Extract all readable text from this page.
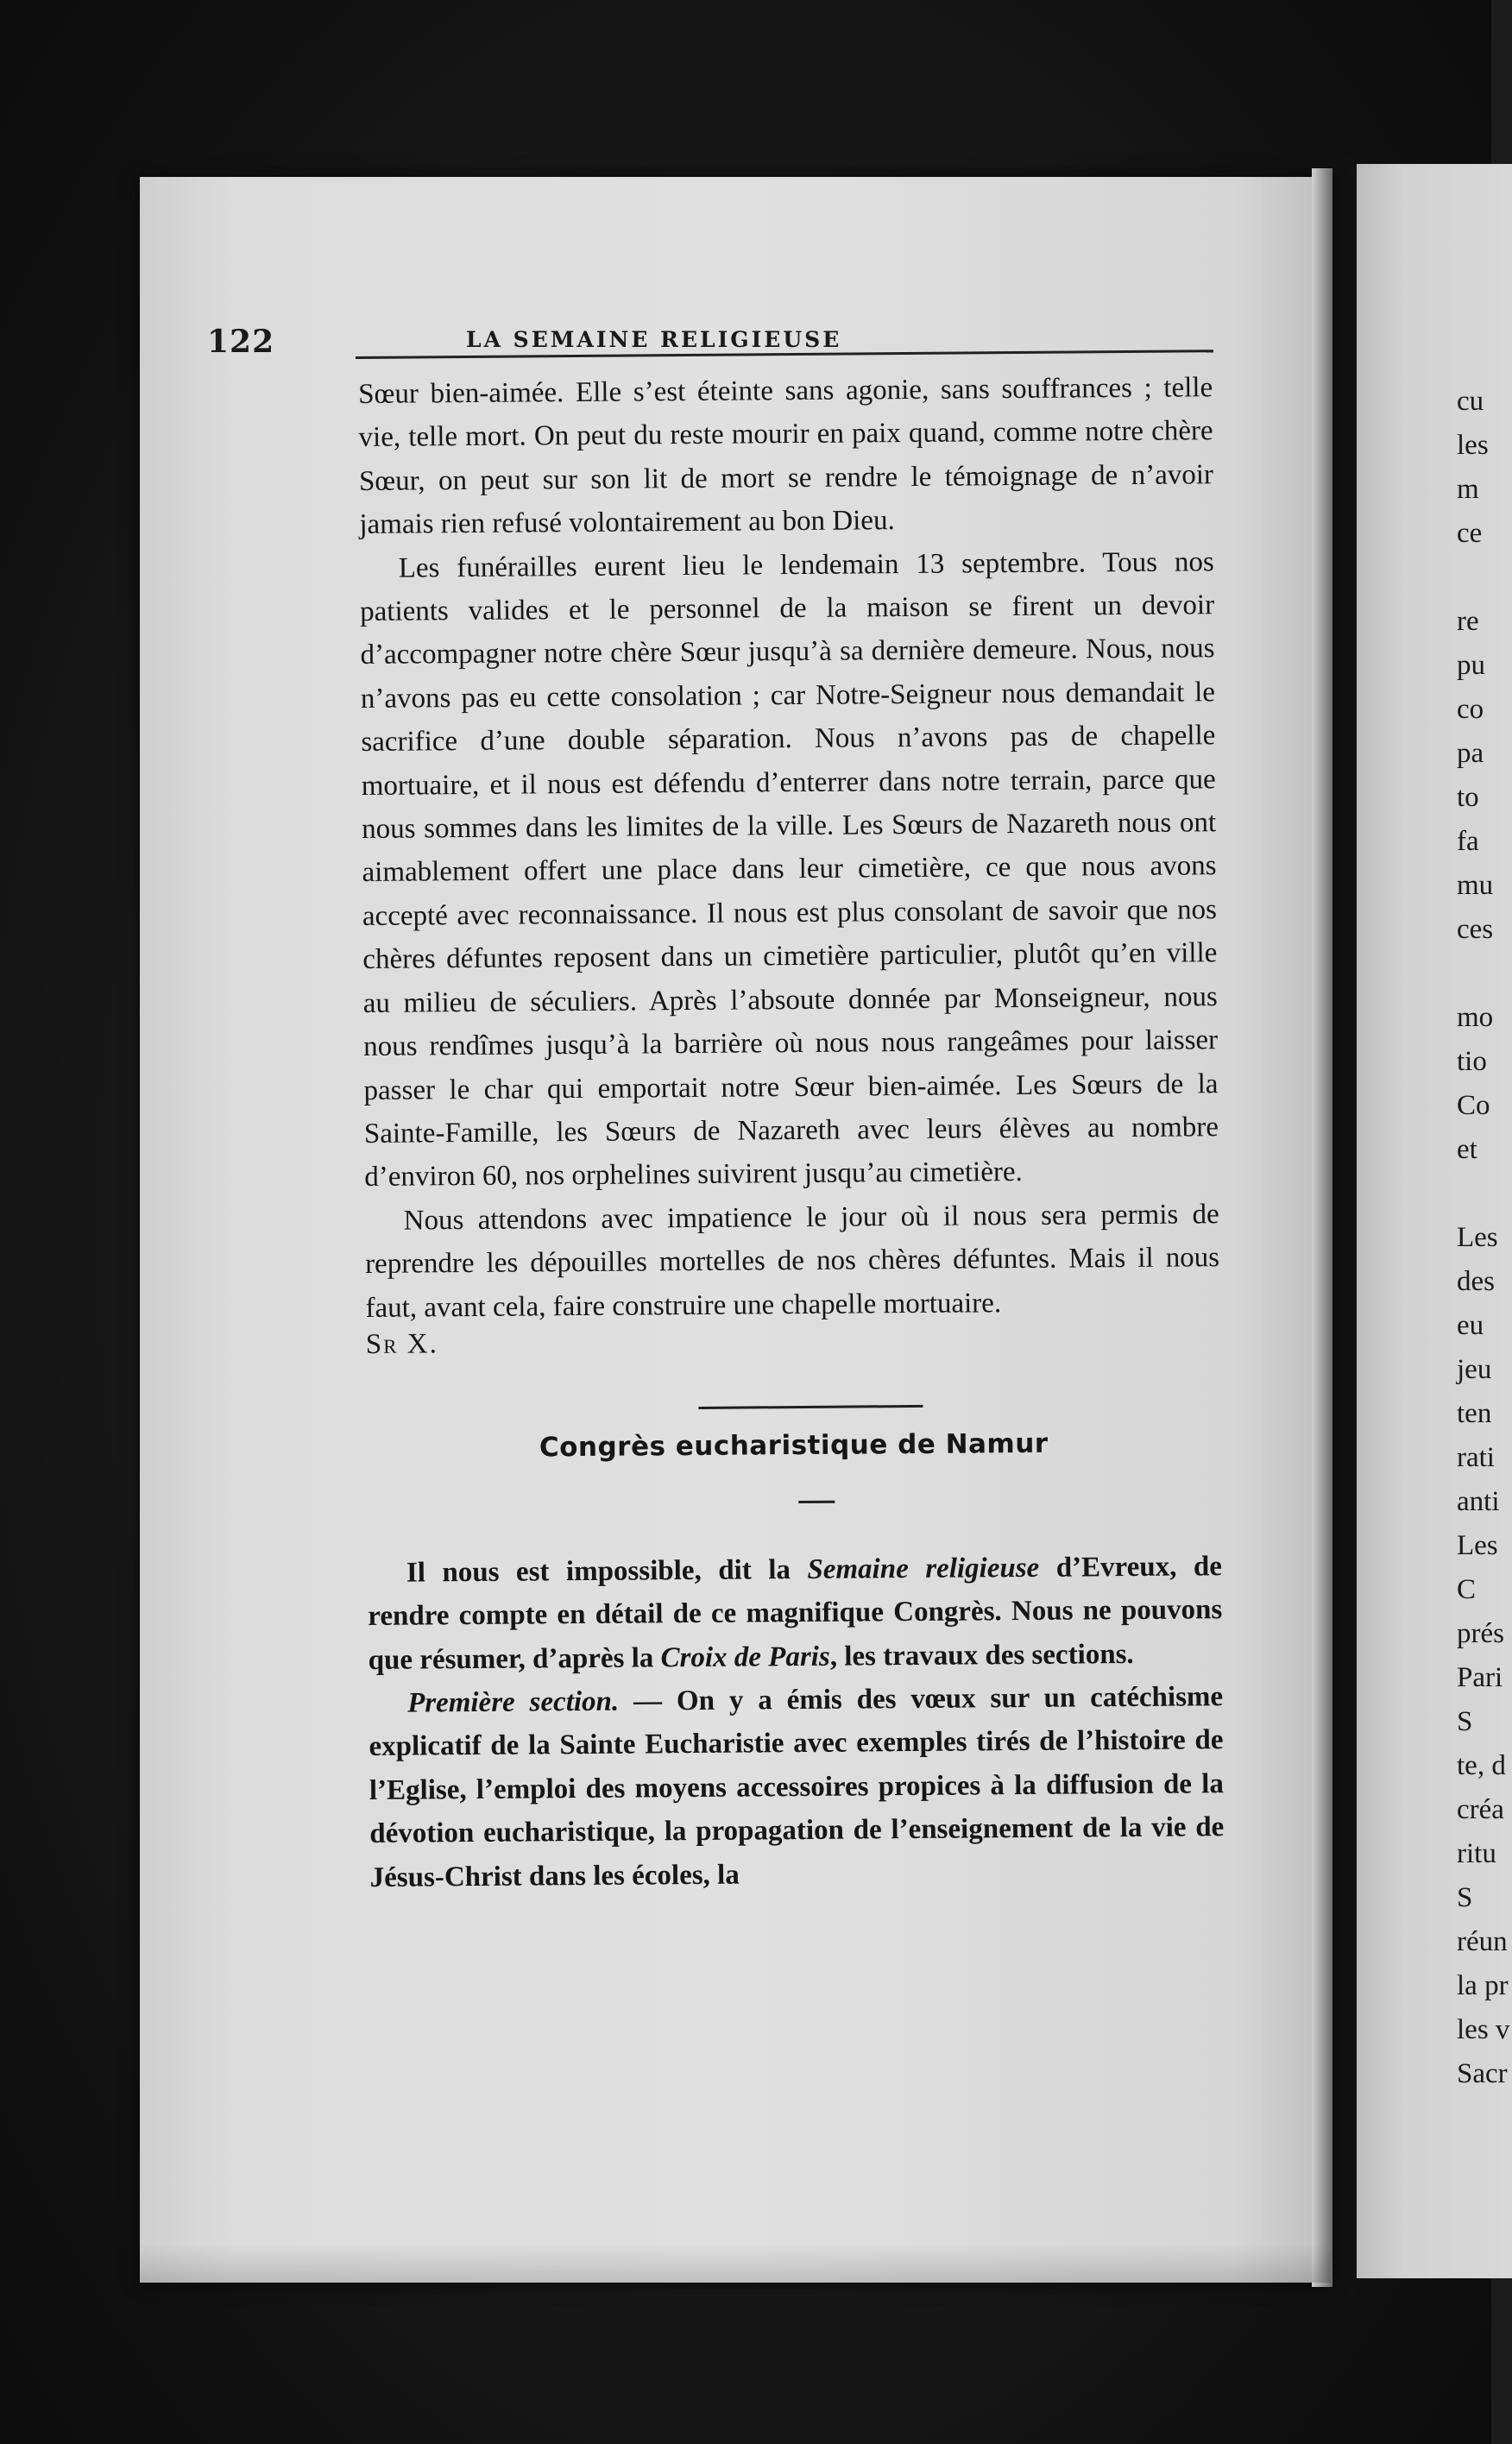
cu
les
m
ce

re
pu
co
pa
to
fa
mu
ces

mo
tio
Co
et

Les
des
eu
jeu
ten
rati
anti
Les
C
prés
Pari
S
te, d
créa
ritu
S
réun
la pr
les v
Sacr
122	LA SEMAINE RELIGIEUSE

Sœur bien-aimée. Elle s’est éteinte sans agonie, sans souffrances ; telle vie, telle mort. On peut du reste mourir en paix quand, comme notre chère Sœur, on peut sur son lit de mort se rendre le témoignage de n’avoir jamais rien refusé volontairement au bon Dieu.

Les funérailles eurent lieu le lendemain 13 septembre. Tous nos patients valides et le personnel de la maison se firent un devoir d’accompagner notre chère Sœur jusqu’à sa dernière demeure. Nous, nous n’avons pas eu cette consolation ; car Notre-Seigneur nous demandait le sacrifice d’une double séparation. Nous n’avons pas de chapelle mortuaire, et il nous est défendu d’enterrer dans notre terrain, parce que nous sommes dans les limites de la ville. Les Sœurs de Nazareth nous ont aimablement offert une place dans leur cimetière, ce que nous avons accepté avec reconnaissance. Il nous est plus consolant de savoir que nos chères défuntes reposent dans un cimetière particulier, plutôt qu’en ville au milieu de séculiers. Après l’absoute donnée par Monseigneur, nous nous rendîmes jusqu’à la barrière où nous nous rangeâmes pour laisser passer le char qui emportait notre Sœur bien-aimée. Les Sœurs de la Sainte-Famille, les Sœurs de Nazareth avec leurs élèves au nombre d’environ 60, nos orphelines suivirent jusqu’au cimetière.

Nous attendons avec impatience le jour où il nous sera permis de reprendre les dépouilles mortelles de nos chères défuntes. Mais il nous faut, avant cela, faire construire une chapelle mortuaire.

Sr X.

Congrès eucharistique de Namur

Il nous est impossible, dit la Semaine religieuse d’Evreux, de rendre compte en détail de ce magnifique Congrès. Nous ne pouvons que résumer, d’après la Croix de Paris, les travaux des sections.

Première section. — On y a émis des vœux sur un catéchisme explicatif de la Sainte Eucharistie avec exemples tirés de l’histoire de l’Eglise, l’emploi des moyens accessoires propices à la diffusion de la dévotion eucharistique, la propagation de l’enseignement de la vie de Jésus-Christ dans les écoles, la
